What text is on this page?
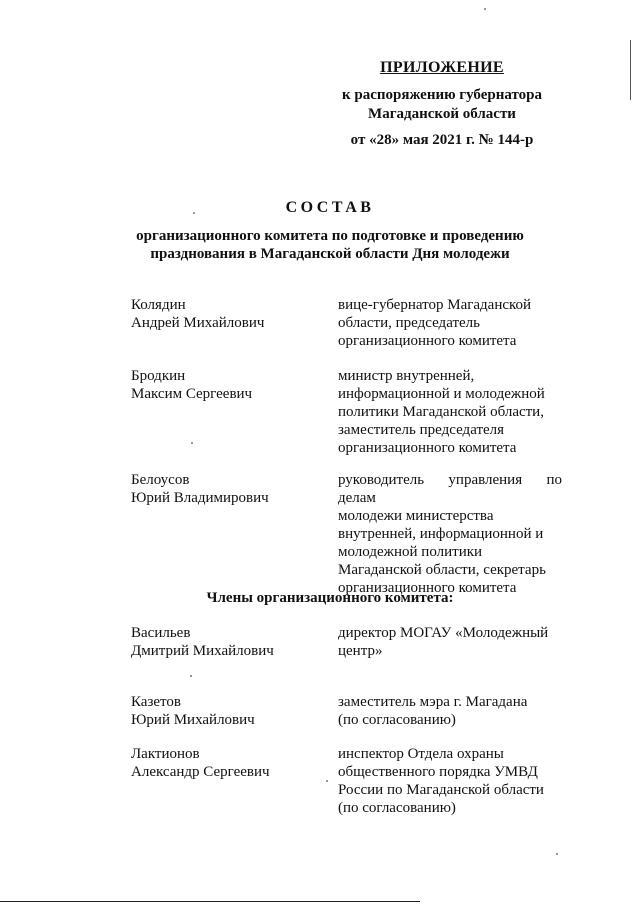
ПРИЛОЖЕНИЕ
к распоряжению губернатора
Магаданской области
от «28» мая 2021 г. № 144-р
СОСТАВ
организационного комитета по подготовке и проведению
празднования в Магаданской области Дня молодежи
Колядин
Андрей Михайлович
вице-губернатор Магаданской
области, председатель
организационного комитета
Бродкин
Максим Сергеевич
министр внутренней,
информационной и молодежной
политики Магаданской области,
заместитель председателя
организационного комитета
Белоусов
Юрий Владимирович
руководитель управления по делам
молодежи министерства
внутренней, информационной и
молодежной политики
Магаданской области, секретарь
организационного комитета
Члены организационного комитета:
Васильев
Дмитрий Михайлович
директор МОГАУ «Молодежный
центр»
Казетов
Юрий Михайлович
заместитель мэра г. Магадана
(по согласованию)
Лактионов
Александр Сергеевич
инспектор Отдела охраны
общественного порядка УМВД
России по Магаданской области
(по согласованию)
